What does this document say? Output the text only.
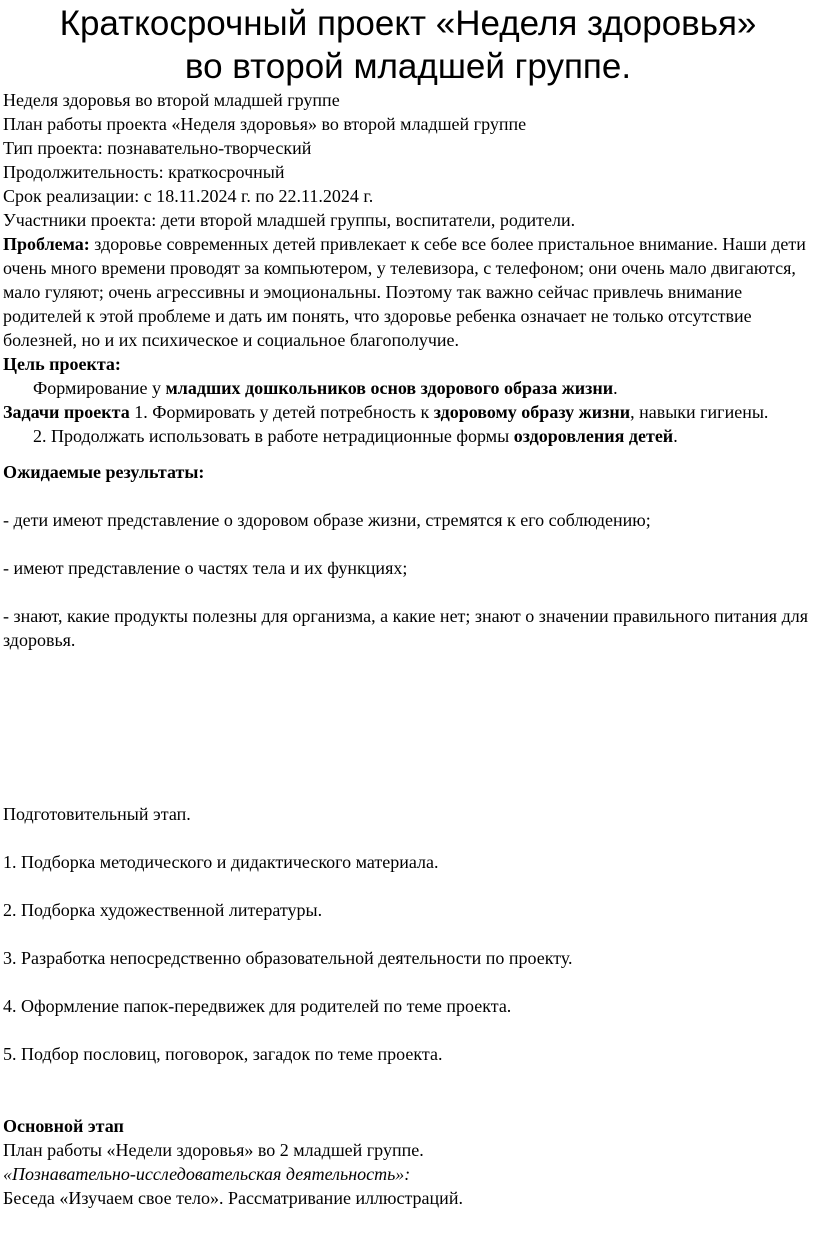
Краткосрочный проект «Неделя здоровья»
во второй младшей группе.

Неделя здоровья во второй младшей группе

План работы проекта «Неделя здоровья» во второй младшей группе

Тип проекта: познавательно-творческий

Продолжительность: краткосрочный

Срок реализации: с 18.11.2024 г. по 22.11.2024 г.

Участники проекта: дети второй младшей группы, воспитатели, родители.

Проблема: здоровье современных детей привлекает к себе все более пристальное внимание. Наши дети очень много времени проводят за компьютером, у телевизора, с телефоном; они очень мало двигаются, мало гуляют; очень агрессивны и эмоциональны. Поэтому так важно сейчас привлечь внимание родителей к этой проблеме и дать им понять, что здоровье ребенка означает не только отсутствие болезней, но и их психическое и социальное благополучие.

Цель проекта:

Формирование у младших дошкольников основ здорового образа жизни.

Задачи проекта 1. Формировать у детей потребность к здоровому образу жизни, навыки гигиены.

2. Продолжать использовать в работе нетрадиционные формы оздоровления детей.

Ожидаемые результаты:

- дети имеют представление о здоровом образе жизни, стремятся к его соблюдению;

- имеют представление о частях тела и их функциях;

- знают, какие продукты полезны для организма, а какие нет; знают о значении правильного питания для здоровья.

Подготовительный этап.

1. Подборка методического и дидактического материала.

2. Подборка художественной литературы.

3. Разработка непосредственно образовательной деятельности по проекту.

4. Оформление папок-передвижек для родителей по теме проекта.

5. Подбор пословиц, поговорок, загадок по теме проекта.

Основной этап

План работы «Недели здоровья» во 2 младшей группе.

«Познавательно-исследовательская деятельность»:

Беседа «Изучаем свое тело». Рассматривание иллюстраций.
